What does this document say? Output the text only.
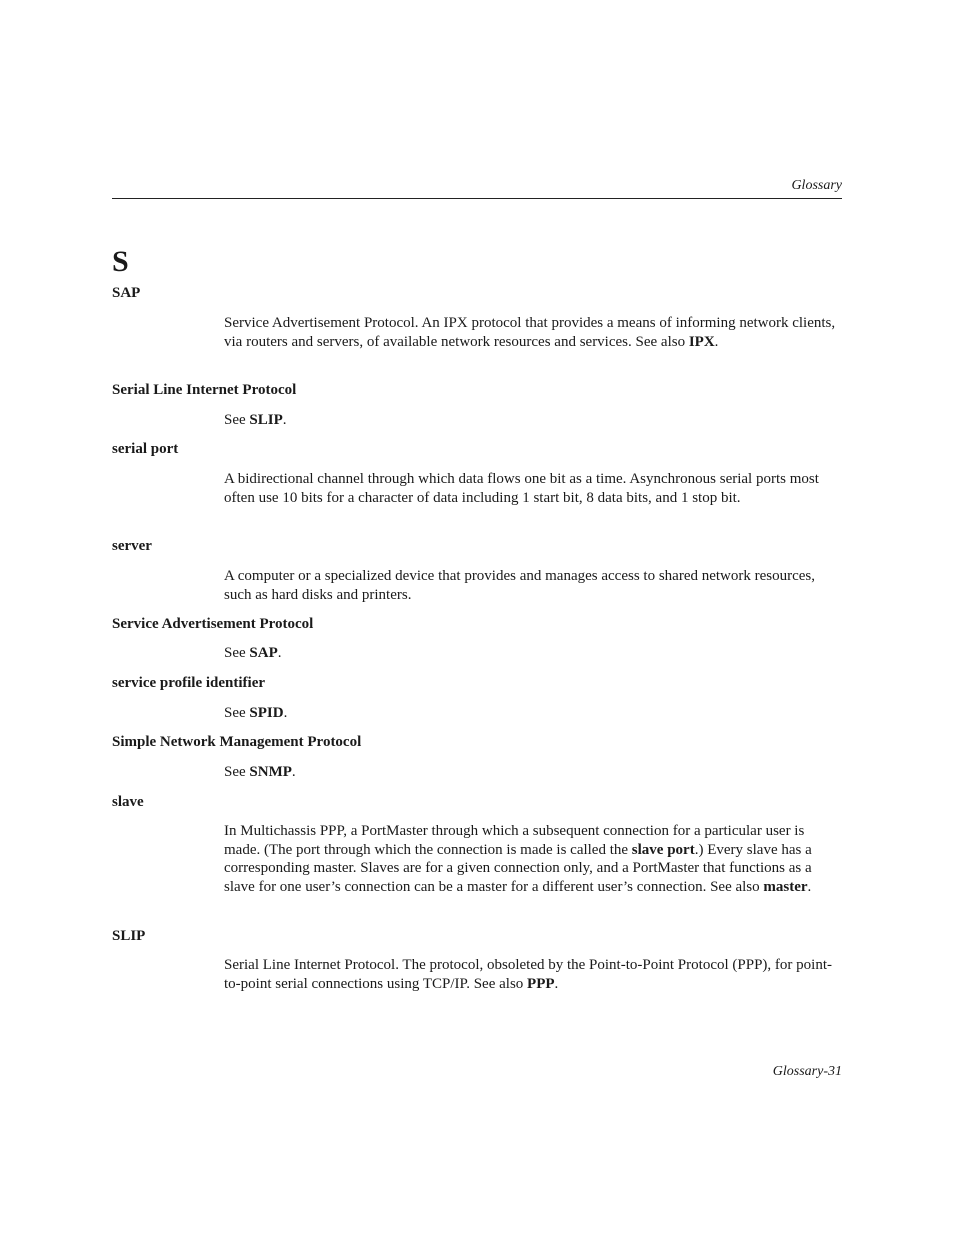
Glossary
S
SAP
Service Advertisement Protocol. An IPX protocol that provides a means of informing network clients, via routers and servers, of available network resources and services. See also IPX.
Serial Line Internet Protocol
See SLIP.
serial port
A bidirectional channel through which data flows one bit as a time. Asynchronous serial ports most often use 10 bits for a character of data including 1 start bit, 8 data bits, and 1 stop bit.
server
A computer or a specialized device that provides and manages access to shared network resources, such as hard disks and printers.
Service Advertisement Protocol
See SAP.
service profile identifier
See SPID.
Simple Network Management Protocol
See SNMP.
slave
In Multichassis PPP, a PortMaster through which a subsequent connection for a particular user is made. (The port through which the connection is made is called the slave port.) Every slave has a corresponding master. Slaves are for a given connection only, and a PortMaster that functions as a slave for one user’s connection can be a master for a different user’s connection. See also master.
SLIP
Serial Line Internet Protocol. The protocol, obsoleted by the Point-to-Point Protocol (PPP), for point-to-point serial connections using TCP/IP. See also PPP.
Glossary-31
